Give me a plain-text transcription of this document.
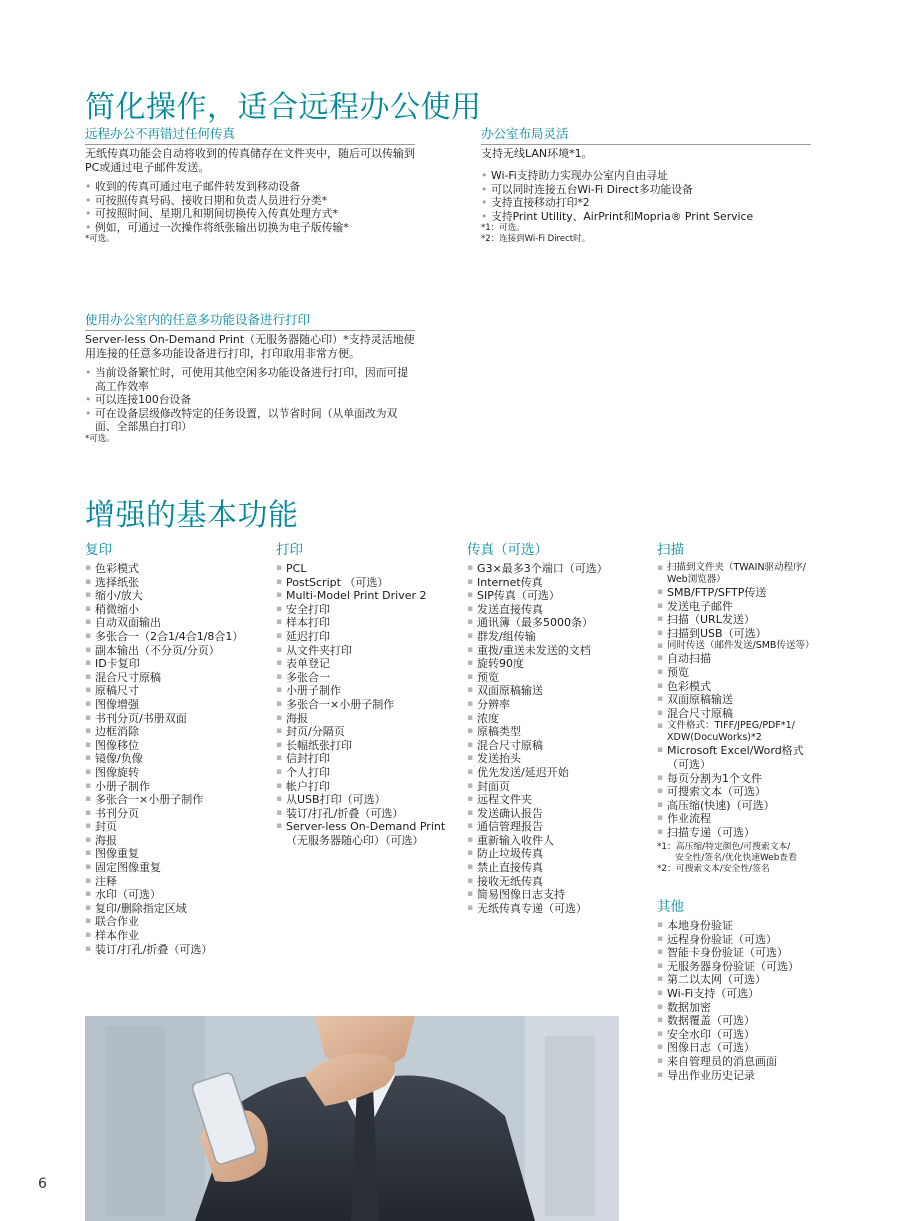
简化操作，适合远程办公使用
远程办公不再错过任何传真
无纸传真功能会自动将收到的传真储存在文件夹中，随后可以传输到PC或通过电子邮件发送。
• 收到的传真可通过电子邮件转发到移动设备
• 可按照传真号码、接收日期和负责人员进行分类*
• 可按照时间、星期几和期间切换传入传真处理方式*
• 例如，可通过一次操作将纸张输出切换为电子版传输*
*可选。
办公室布局灵活
支持无线LAN环境*1。
• Wi-Fi支持助力实现办公室内自由寻址
• 可以同时连接五台Wi-Fi Direct多功能设备
• 支持直接移动打印*2
• 支持Print Utility、AirPrint和Mopria® Print Service
*1：可选。
*2：连接到Wi-Fi Direct时。
使用办公室内的任意多功能设备进行打印
Server-less On-Demand Print（无服务器随心印）*支持灵活地使用连接的任意多功能设备进行打印，打印取用非常方便。
• 当前设备繁忙时，可使用其他空闲多功能设备进行打印，因而可提高工作效率
• 可以连接100台设备
• 可在设备层级修改特定的任务设置，以节省时间（从单面改为双面、全部黑白打印）
*可选。
增强的基本功能
复印
▪ 色彩模式
▪ 选择纸张
▪ 缩小/放大
▪ 稍微缩小
▪ 自动双面输出
▪ 多张合一（2合1/4合1/8合1）
▪ 副本输出（不分页/分页）
▪ ID卡复印
▪ 混合尺寸原稿
▪ 原稿尺寸
▪ 图像增强
▪ 书刊分页/书册双面
▪ 边框消除
▪ 图像移位
▪ 镜像/负像
▪ 图像旋转
▪ 小册子制作
▪ 多张合一×小册子制作
▪ 书刊分页
▪ 封页
▪ 海报
▪ 图像重复
▪ 固定图像重复
▪ 注释
▪ 水印（可选）
▪ 复印/删除指定区域
▪ 联合作业
▪ 样本作业
▪ 装订/打孔/折叠（可选）
打印
▪ PCL
▪ PostScript （可选）
▪ Multi-Model Print Driver 2
▪ 安全打印
▪ 样本打印
▪ 延迟打印
▪ 从文件夹打印
▪ 表单登记
▪ 多张合一
▪ 小册子制作
▪ 多张合一×小册子制作
▪ 海报
▪ 封页/分隔页
▪ 长幅纸张打印
▪ 信封打印
▪ 个人打印
▪ 帐户打印
▪ 从USB打印（可选）
▪ 装订/打孔/折叠（可选）
▪ Server-less On-Demand Print
（无服务器随心印）（可选）
传真（可选）
▪ G3×最多3个端口（可选）
▪ Internet传真
▪ SIP传真（可选）
▪ 发送直接传真
▪ 通讯簿（最多5000条）
▪ 群发/组传输
▪ 重拨/重送未发送的文档
▪ 旋转90度
▪ 预览
▪ 双面原稿输送
▪ 分辨率
▪ 浓度
▪ 原稿类型
▪ 混合尺寸原稿
▪ 发送抬头
▪ 优先发送/延迟开始
▪ 封面页
▪ 远程文件夹
▪ 发送确认报告
▪ 通信管理报告
▪ 重新输入收件人
▪ 防止垃圾传真
▪ 禁止直接传真
▪ 接收无纸传真
▪ 简易图像日志支持
▪ 无纸传真专递（可选）
扫描
▪ 扫描到文件夹（TWAIN驱动程序/
Web浏览器）
▪ SMB/FTP/SFTP传送
▪ 发送电子邮件
▪ 扫描（URL发送）
▪ 扫描到USB（可选）
▪ 同时传送（邮件发送/SMB传送等）
▪ 自动扫描
▪ 预览
▪ 色彩模式
▪ 双面原稿输送
▪ 混合尺寸原稿
▪ 文件格式：TIFF/JPEG/PDF*1/
XDW(DocuWorks)*2
▪ Microsoft Excel/Word格式
（可选）
▪ 每页分割为1个文件
▪ 可搜索文本（可选）
▪ 高压缩(快速)（可选）
▪ 作业流程
▪ 扫描专递（可选）
*1：高压缩/特定颜色/可搜索文本/
安全性/签名/优化快速Web查看
*2：可搜索文本/安全性/签名
其他
▪ 本地身份验证
▪ 远程身份验证（可选）
▪ 智能卡身份验证（可选）
▪ 无服务器身份验证（可选）
▪ 第二以太网（可选）
▪ Wi-Fi支持（可选）
▪ 数据加密
▪ 数据覆盖（可选）
▪ 安全水印（可选）
▪ 图像日志（可选）
▪ 来自管理员的消息画面
▪ 导出作业历史记录
6
